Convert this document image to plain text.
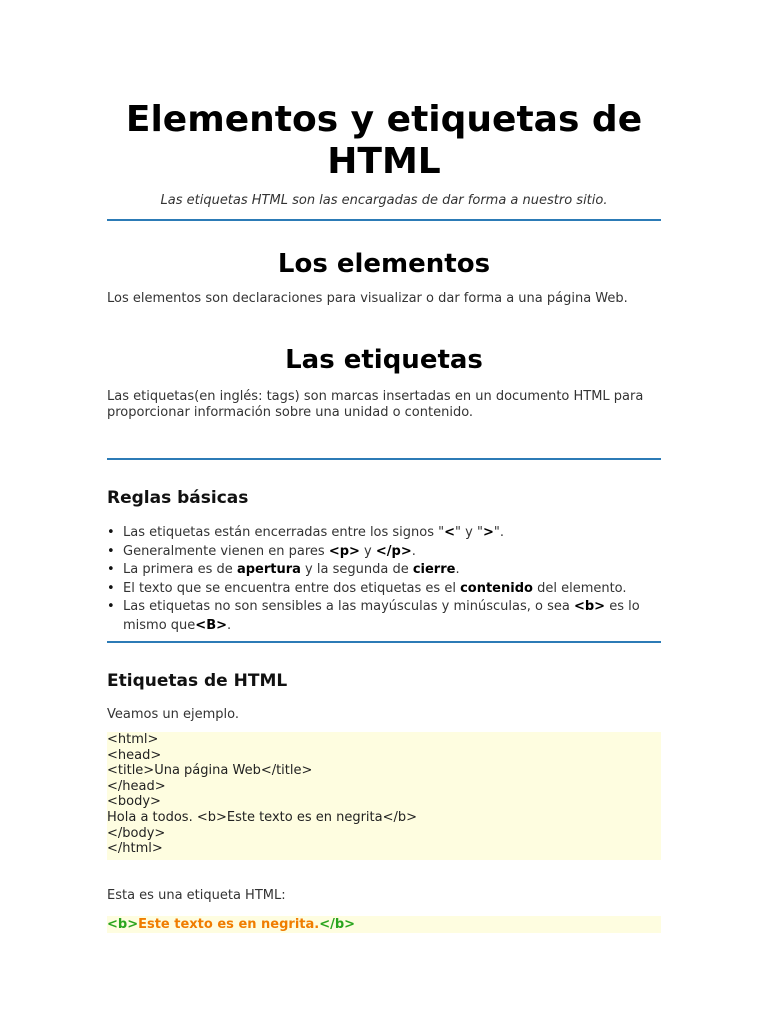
Elementos y etiquetas de HTML
Las etiquetas HTML son las encargadas de dar forma a nuestro sitio.
Los elementos
Los elementos son declaraciones para visualizar o dar forma a una página Web.
Las etiquetas
Las etiquetas(en inglés: tags) son marcas insertadas en un documento HTML para proporcionar información sobre una unidad o contenido.
Reglas básicas
• Las etiquetas están encerradas entre los signos "<" y ">".
• Generalmente vienen en pares <p> y </p>.
• La primera es de apertura y la segunda de cierre.
• El texto que se encuentra entre dos etiquetas es el contenido del elemento.
• Las etiquetas no son sensibles a las mayúsculas y minúsculas, o sea <b> es lo mismo que<B>.
Etiquetas de HTML
Veamos un ejemplo.
<html>
<head>
<title>Una página Web</title>
</head>
<body>
Hola a todos. <b>Este texto es en negrita</b>
</body>
</html>
Esta es una etiqueta HTML:
<b>Este texto es en negrita.</b>
